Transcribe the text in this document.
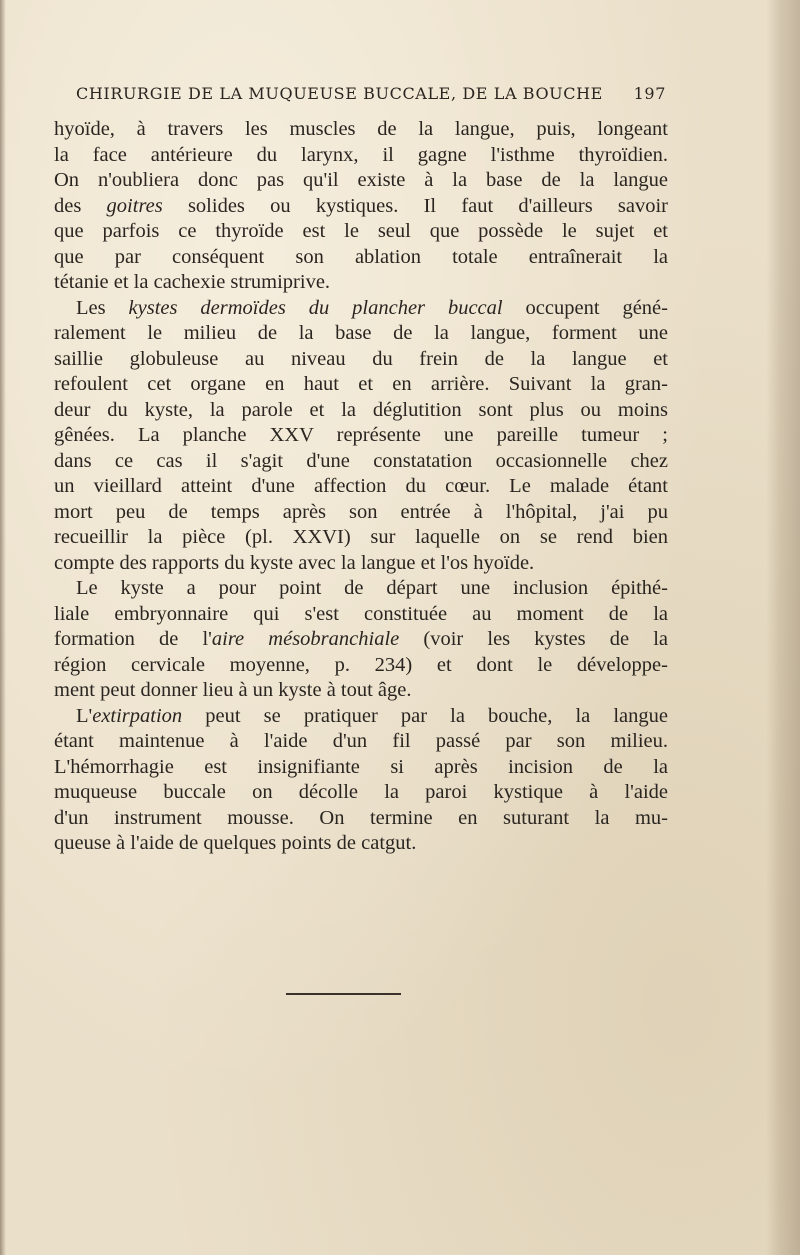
CHIRURGIE DE LA MUQUEUSE BUCCALE, DE LA BOUCHE 197
hyoïde, à travers les muscles de la langue, puis, longeant
la face antérieure du larynx, il gagne l'isthme thyroïdien.
On n'oubliera donc pas qu'il existe à la base de la langue
des goitres solides ou kystiques. Il faut d'ailleurs savoir
que parfois ce thyroïde est le seul que possède le sujet et
que par conséquent son ablation totale entraînerait la
tétanie et la cachexie strumiprive.
Les kystes dermoïdes du plancher buccal occupent géné-
ralement le milieu de la base de la langue, forment une
saillie globuleuse au niveau du frein de la langue et
refoulent cet organe en haut et en arrière. Suivant la gran-
deur du kyste, la parole et la déglutition sont plus ou moins
gênées. La planche XXV représente une pareille tumeur ;
dans ce cas il s'agit d'une constatation occasionnelle chez
un vieillard atteint d'une affection du cœur. Le malade étant
mort peu de temps après son entrée à l'hôpital, j'ai pu
recueillir la pièce (pl. XXVI) sur laquelle on se rend bien
compte des rapports du kyste avec la langue et l'os hyoïde.
Le kyste a pour point de départ une inclusion épithé-
liale embryonnaire qui s'est constituée au moment de la
formation de l'aire mésobranchiale (voir les kystes de la
région cervicale moyenne, p. 234) et dont le développe-
ment peut donner lieu à un kyste à tout âge.
L'extirpation peut se pratiquer par la bouche, la langue
étant maintenue à l'aide d'un fil passé par son milieu.
L'hémorrhagie est insignifiante si après incision de la
muqueuse buccale on décolle la paroi kystique à l'aide
d'un instrument mousse. On termine en suturant la mu-
queuse à l'aide de quelques points de catgut.
